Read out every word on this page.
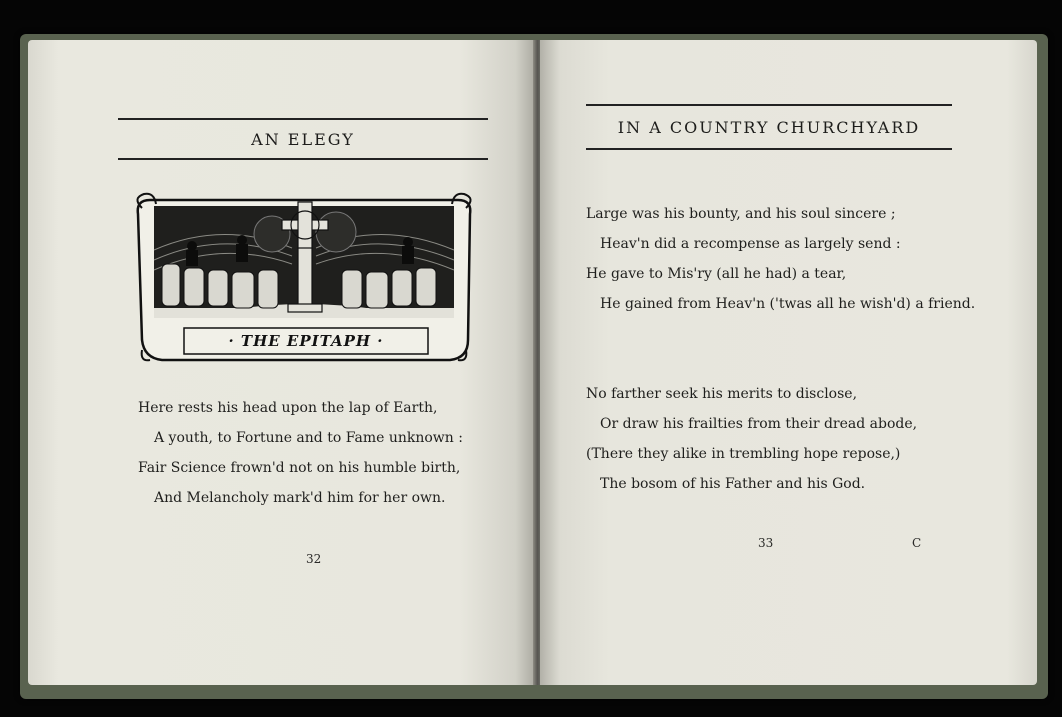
AN ELEGY
· THE EPITAPH ·
Here rests his head upon the lap of Earth,
A youth, to Fortune and to Fame unknown :
Fair Science frown'd not on his humble birth,
And Melancholy mark'd him for her own.
32
IN A COUNTRY CHURCHYARD
Large was his bounty, and his soul sincere ;
Heav'n did a recompense as largely send :
He gave to Mis'ry (all he had) a tear,
He gained from Heav'n ('twas all he wish'd) a friend.
No farther seek his merits to disclose,
Or draw his frailties from their dread abode,
(There they alike in trembling hope repose,)
The bosom of his Father and his God.
33	C
